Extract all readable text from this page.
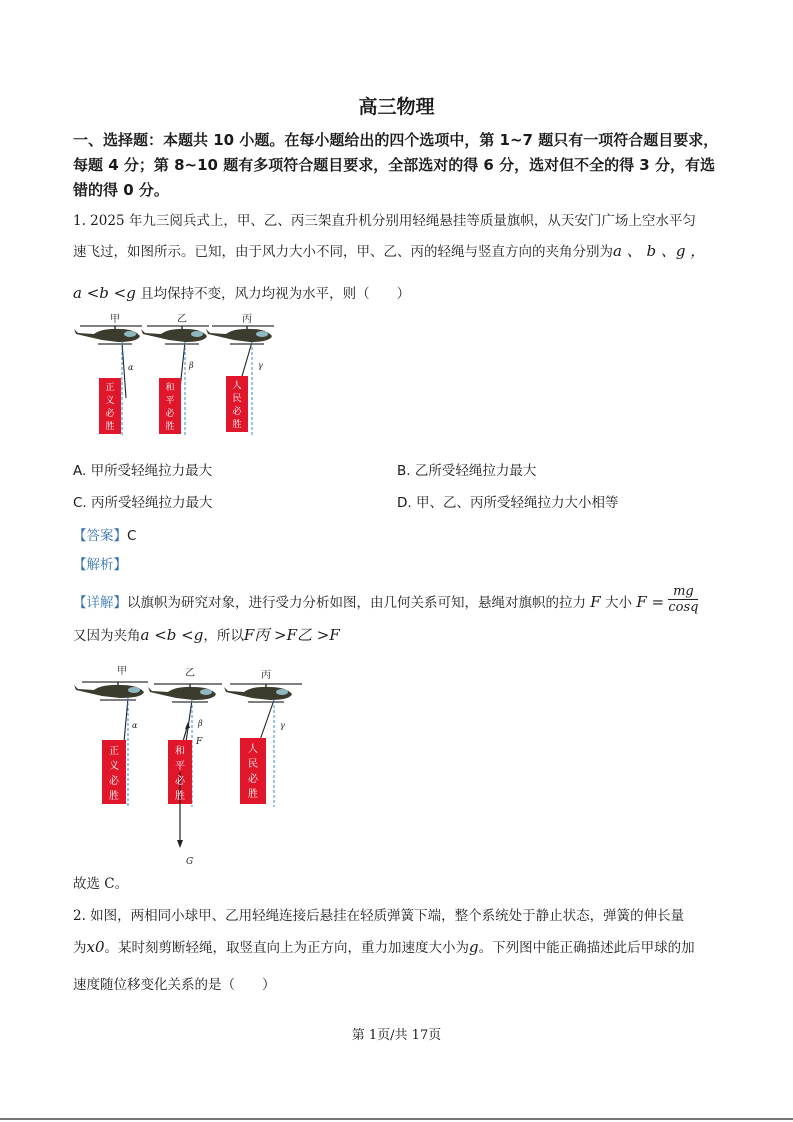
高三物理
一、选择题：本题共 10 小题。在每小题给出的四个选项中，第 1~7 题只有一项符合题目要求，每题 4 分；第 8~10 题有多项符合题目要求，全部选对的得 6 分，选对但不全的得 3 分，有选错的得 0 分。
1. 2025 年九三阅兵式上，甲、乙、丙三架直升机分别用轻绳悬挂等质量旗帜，从天安门广场上空水平匀
速飞过，如图所示。已知，由于风力大小不同，甲、乙、丙的轻绳与竖直方向的夹角分别为a 、 b 、g ，
a <b <g 且均保持不变，风力均视为水平，则（　　）
甲
α
乙
β
丙
γ
正
义
必
胜
和
平
必
胜
人
民
必
胜
A. 甲所受轻绳拉力最大	B. 乙所受轻绳拉力最大
C. 丙所受轻绳拉力最大	D. 甲、乙、丙所受轻绳拉力大小相等
【答案】C
【解析】
【详解】以旗帜为研究对象，进行受力分析如图，由几何关系可知，悬绳对旗帜的拉力 F 大小 $F = \frac{mg}{\cos q}$
又因为夹角a <b <g，所以F丙 >F乙 >F
甲
α
乙
β
F
G
丙
γ
正
义
必
胜
和
平
必
胜
人
民
必
胜
故选 C。
2. 如图，两相同小球甲、乙用轻绳连接后悬挂在轻质弹簧下端，整个系统处于静止状态，弹簧的伸长量
为x0。某时刻剪断轻绳，取竖直向上为正方向，重力加速度大小为g。下列图中能正确描述此后甲球的加
速度随位移变化关系的是（　　）
第 1页/共 17页
